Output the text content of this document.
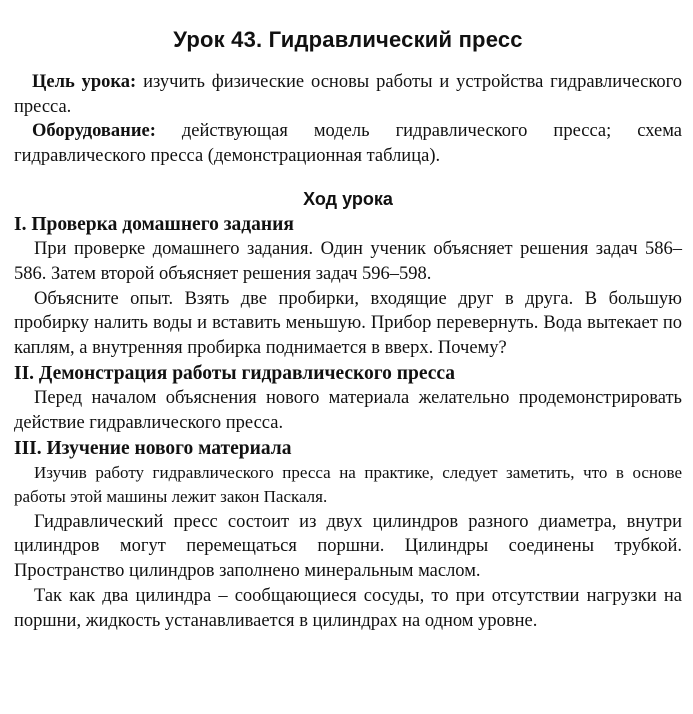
Урок 43. Гидравлический пресс

Цель урока: изучить физические основы работы и устройства гидравлического пресса.

Оборудование: действующая модель гидравлического пресса; схема гидравлического пресса (демонстрационная таблица).

Ход урока
I. Проверка домашнего задания

При проверке домашнего задания. Один ученик объясняет решения задач 586–586. Затем второй объясняет решения задач 596–598.

Объясните опыт. Взять две пробирки, входящие друг в друга. В большую пробирку налить воды и вставить меньшую. Прибор перевернуть. Вода вытекает по каплям, а внутренняя пробирка поднимается в вверх. Почему?

II. Демонстрация работы гидравлического пресса

Перед началом объяснения нового материала желательно продемонстрировать действие гидравлического пресса.

III. Изучение нового материала

Изучив работу гидравлического пресса на практике, следует заметить, что в основе работы этой машины лежит закон Паскаля.

Гидравлический пресс состоит из двух цилиндров разного диаметра, внутри цилиндров могут перемещаться поршни. Цилиндры соединены трубкой. Пространство цилиндров заполнено минеральным маслом.

Так как два цилиндра – сообщающиеся сосуды, то при отсутствии нагрузки на поршни, жидкость устанавливается в цилиндрах на одном уровне.
